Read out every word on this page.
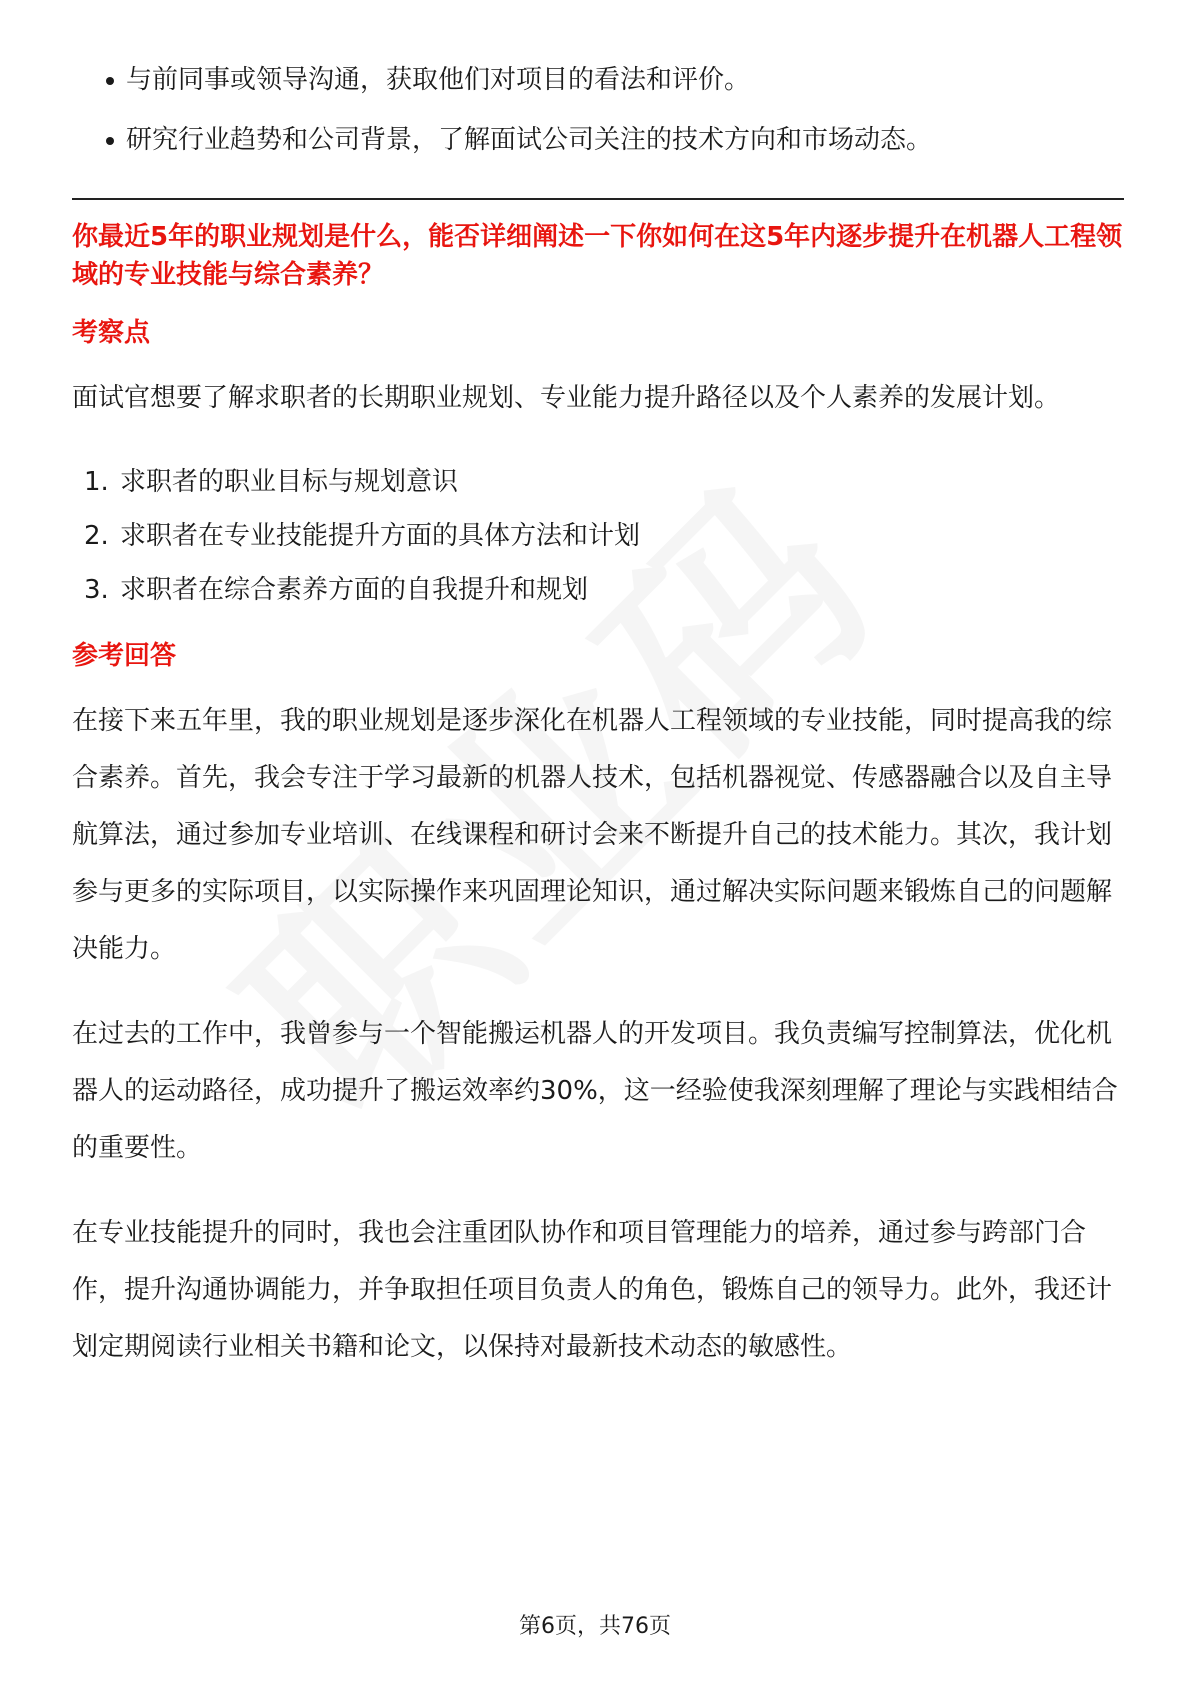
与前同事或领导沟通，获取他们对项目的看法和评价。
研究行业趋势和公司背景，了解面试公司关注的技术方向和市场动态。

你最近5年的职业规划是什么，能否详细阐述一下你如何在这5年内逐步提升在机器人工程领域的专业技能与综合素养？

考察点

面试官想要了解求职者的长期职业规划、专业能力提升路径以及个人素养的发展计划。

1. 求职者的职业目标与规划意识
2. 求职者在专业技能提升方面的具体方法和计划
3. 求职者在综合素养方面的自我提升和规划
参考回答

在接下来五年里，我的职业规划是逐步深化在机器人工程领域的专业技能，同时提高我的综合素养。首先，我会专注于学习最新的机器人技术，包括机器视觉、传感器融合以及自主导航算法，通过参加专业培训、在线课程和研讨会来不断提升自己的技术能力。其次，我计划参与更多的实际项目，以实际操作来巩固理论知识，通过解决实际问题来锻炼自己的问题解决能力。

在过去的工作中，我曾参与一个智能搬运机器人的开发项目。我负责编写控制算法，优化机器人的运动路径，成功提升了搬运效率约30%，这一经验使我深刻理解了理论与实践相结合的重要性。

在专业技能提升的同时，我也会注重团队协作和项目管理能力的培养，通过参与跨部门合作，提升沟通协调能力，并争取担任项目负责人的角色，锻炼自己的领导力。此外，我还计划定期阅读行业相关书籍和论文，以保持对最新技术动态的敏感性。

第6页，共76页
